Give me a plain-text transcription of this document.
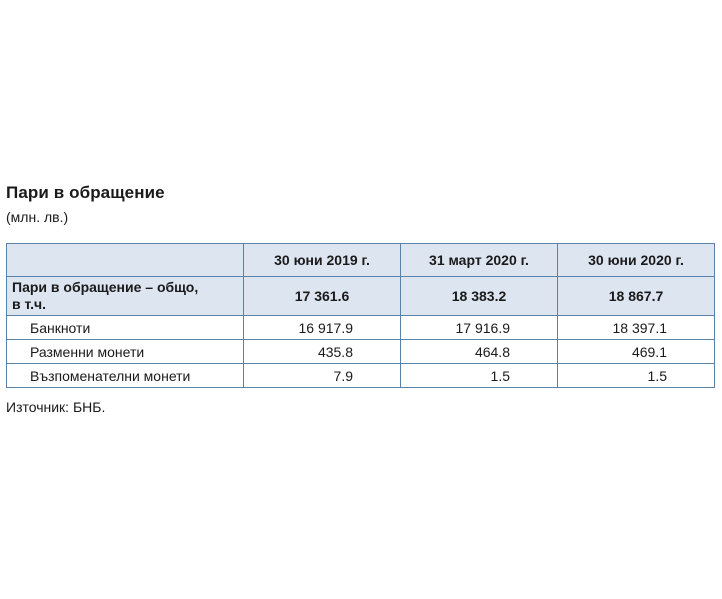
Пари в обращение
(млн. лв.)
	30 юни 2019 г.	31 март 2020 г.	30 юни 2020 г.
Пари в обращение – общо,
в т.ч.	17 361.6	18 383.2	18 867.7
Банкноти	16 917.9	17 916.9	18 397.1
Разменни монети	435.8	464.8	469.1
Възпоменателни монети	7.9	1.5	1.5
Източник: БНБ.
